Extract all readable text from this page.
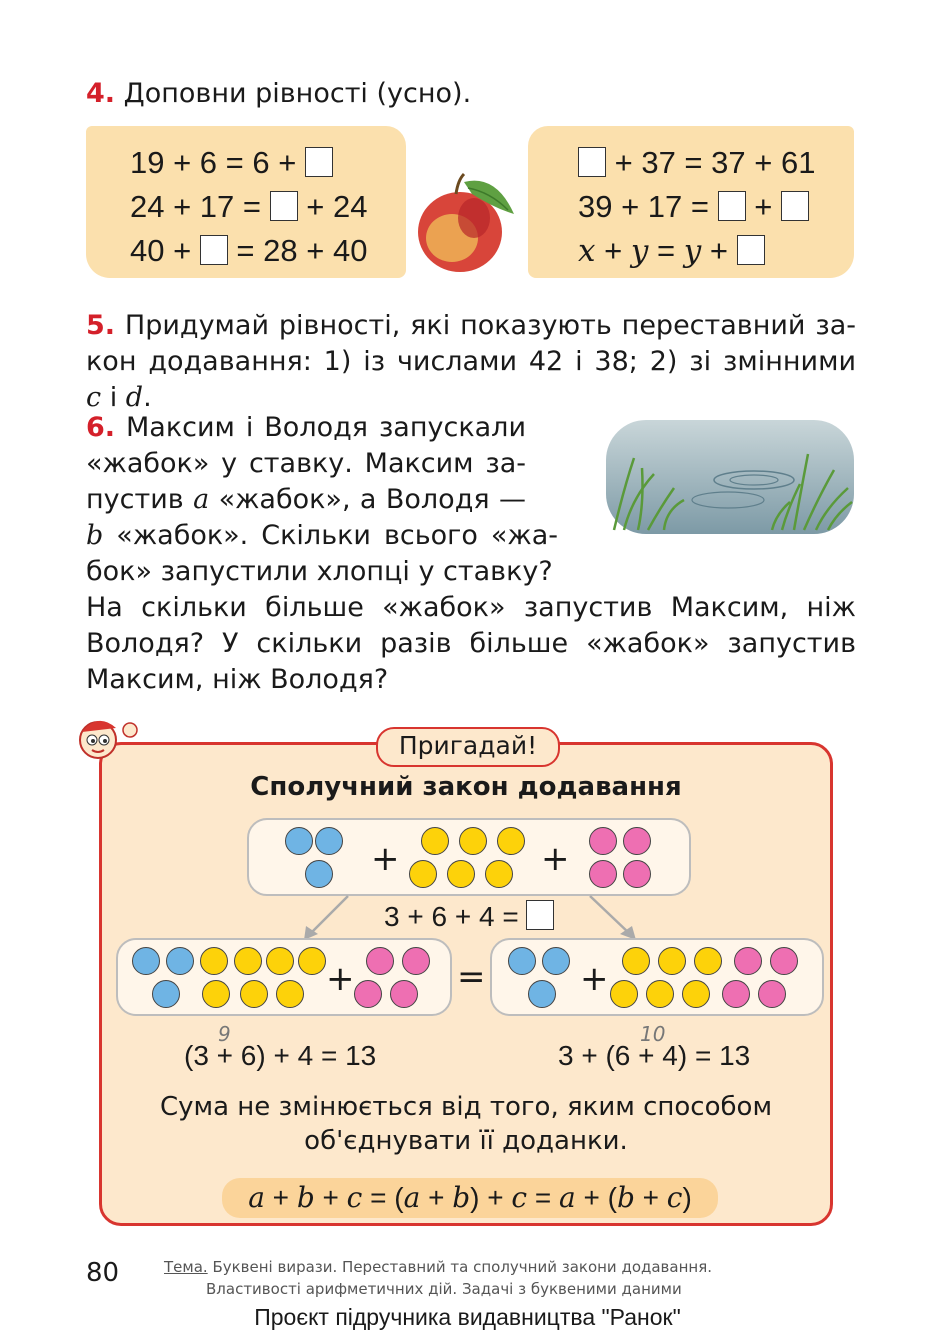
4. Доповни рівності (усно).
19 + 6 = 6 +
24 + 17 =  + 24
40 +  = 28 + 40
+ 37 = 37 + 61
39 + 17 =  +
x + y = y +
5. Придумай рівності, які показують переставний за-
кон додавання: 1) із числами 42 і 38; 2) зі змінними
c і d.
6. Максим і Володя запускали
«жабок» у ставку. Максим за-
пустив a «жабок», а Володя —
b «жабок». Скільки всього «жа-
бок» запустили хлопці у ставку?
На скільки більше «жабок» запустив Максим, ніж
Володя? У скільки разів більше «жабок» запустив
Максим, ніж Володя?
Пригадай!
Сполучний закон додавання
+	+
3 + 6 + 4 =
+	=	+
9
(3 + 6) + 4 = 13
10
3 + (6 + 4) = 13
Сума не змінюється від того, яким способом
об'єднувати її доданки.
a + b + c = (a + b) + c = a + (b + c)
80	Тема. Буквені вирази. Переставний та сполучний закони додавання.
Властивості арифметичних дій. Задачі з буквеними даними
Проєкт підручника видавництва "Ранок"
